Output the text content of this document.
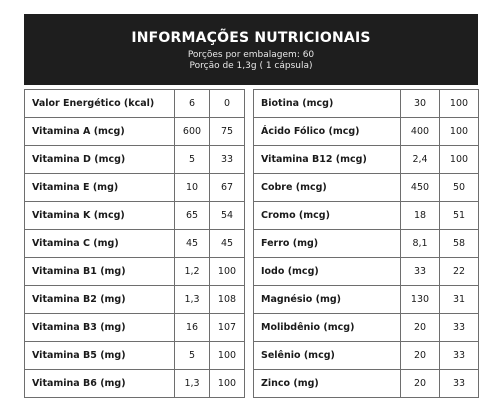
INFORMAÇÕES NUTRICIONAIS
Porções por embalagem: 60
Porção de 1,3g ( 1 cápsula)
Valor Energético (kcal)	6	0
Vitamina A (mcg)	600	75
Vitamina D (mcg)	5	33
Vitamina E (mg)	10	67
Vitamina K (mcg)	65	54
Vitamina C (mg)	45	45
Vitamina B1 (mg)	1,2	100
Vitamina B2 (mg)	1,3	108
Vitamina B3 (mg)	16	107
Vitamina B5 (mg)	5	100
Vitamina B6 (mg)	1,3	100
Biotina (mcg)	30	100
Ácido Fólico (mcg)	400	100
Vitamina B12 (mcg)	2,4	100
Cobre (mcg)	450	50
Cromo (mcg)	18	51
Ferro (mg)	8,1	58
Iodo (mcg)	33	22
Magnésio (mg)	130	31
Molibdênio (mcg)	20	33
Selênio (mcg)	20	33
Zinco (mg)	20	33
